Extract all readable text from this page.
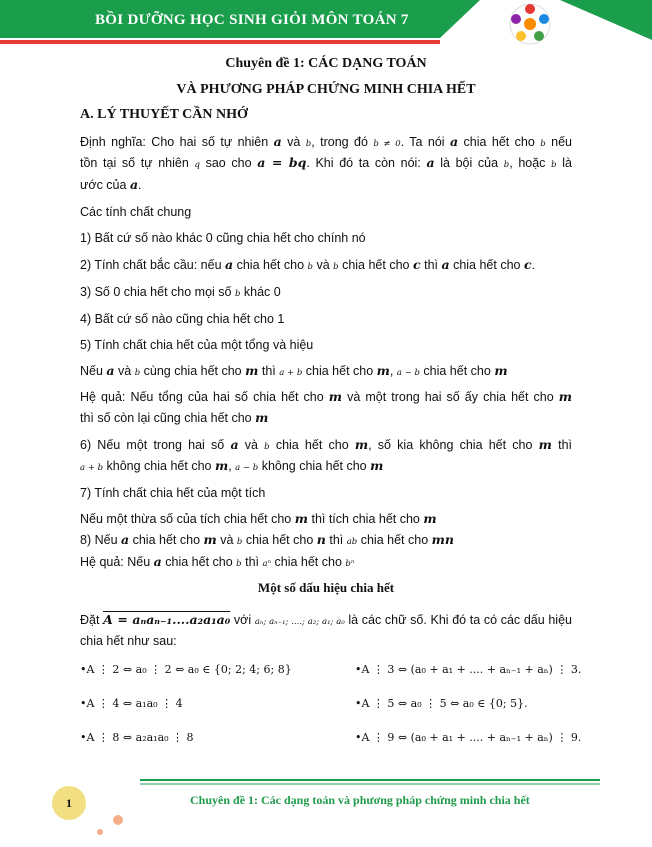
BỒI DƯỠNG HỌC SINH GIỎI MÔN TOÁN 7
Chuyên đề 1: CÁC DẠNG TOÁN
VÀ PHƯƠNG PHÁP CHỨNG MINH CHIA HẾT
A. LÝ THUYẾT CẦN NHỚ
Định nghĩa: Cho hai số tự nhiên a và b, trong đó b ≠ 0. Ta nói a chia hết cho b nếu
tồn tại số tự nhiên q sao cho a = bq. Khi đó ta còn nói: a là bội của b, hoặc b là
ước của a.
Các tính chất chung
1) Bất cứ số nào khác 0 cũng chia hết cho chính nó
2) Tính chất bắc cầu: nếu a chia hết cho b và b chia hết cho c thì a chia hết cho c.
3) Số 0 chia hết cho mọi số b khác 0
4) Bất cứ số nào cũng chia hết cho 1
5) Tính chất chia hết của một tổng và hiệu
Nếu a và b cùng chia hết cho m thì a + b chia hết cho m, a − b chia hết cho m
Hệ quả: Nếu tổng của hai số chia hết cho m và một trong hai số ấy chia hết cho m
thì số còn lại cũng chia hết cho m
6) Nếu một trong hai số a và b chia hết cho m, số kia không chia hết cho m thì
a + b không chia hết cho m, a − b không chia hết cho m
7) Tính chất chia hết của một tích
Nếu một thừa số của tích chia hết cho m thì tích chia hết cho m
8) Nếu a chia hết cho m và b chia hết cho n thì ab chia hết cho mn
Hệ quả: Nếu a chia hết cho b thì aⁿ chia hết cho bⁿ
Một số dấu hiệu chia hết
Đặt A = aₙaₙ₋₁....a₂a₁a₀ với aₙ; aₙ₋₁; ....; a₂; a₁; a₀ là các chữ số. Khi đó ta có các dấu hiệu
chia hết như sau:
•A ⋮ 2 ⇔ a₀ ⋮ 2 ⇔ a₀ ∈ {0; 2; 4; 6; 8}	•A ⋮ 3 ⇔ (a₀ + a₁ + .... + aₙ₋₁ + aₙ) ⋮ 3.
•A ⋮ 4 ⇔ a₁a₀ ⋮ 4	•A ⋮ 5 ⇔ a₀ ⋮ 5 ⇔ a₀ ∈ {0; 5}.
•A ⋮ 8 ⇔ a₂a₁a₀ ⋮ 8	•A ⋮ 9 ⇔ (a₀ + a₁ + .... + aₙ₋₁ + aₙ) ⋮ 9.
1	Chuyên đề 1: Các dạng toán và phương pháp chứng minh chia hết
